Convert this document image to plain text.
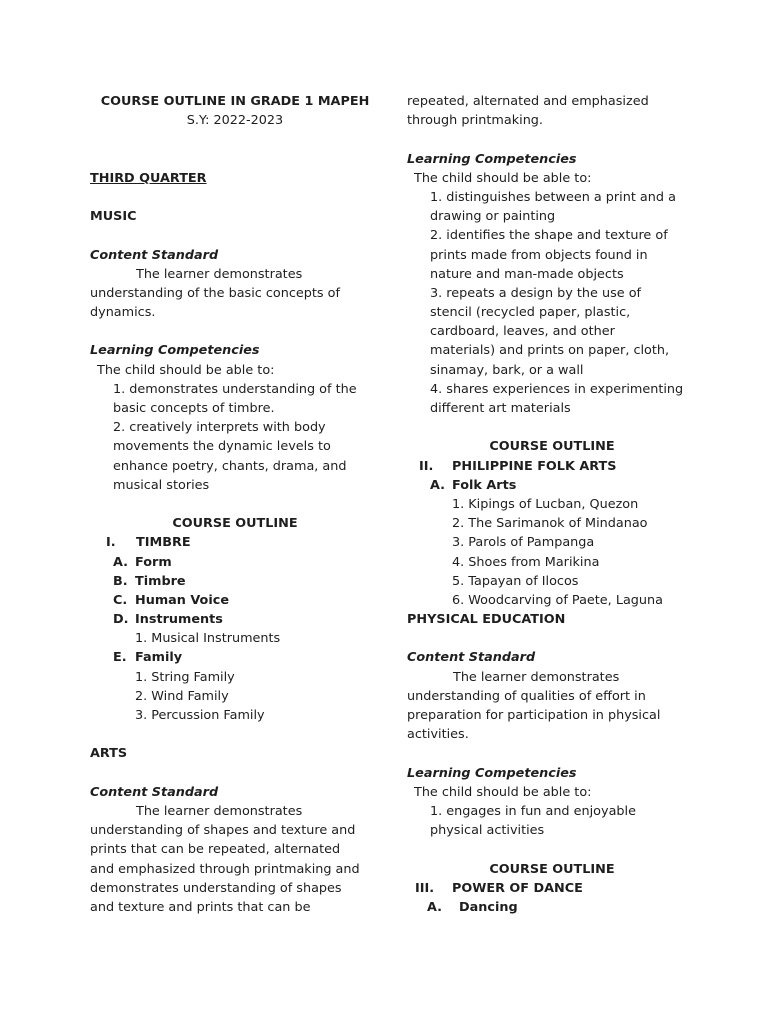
COURSE OUTLINE IN GRADE 1 MAPEH
S.Y: 2022-2023
THIRD QUARTER
MUSIC
Content Standard
The learner demonstrates
understanding of the basic concepts of
dynamics.
Learning Competencies
The child should be able to:
1. demonstrates understanding of the
basic concepts of timbre.
2. creatively interprets with body
movements the dynamic levels to
enhance poetry, chants, drama, and
musical stories
COURSE OUTLINE
I. TIMBRE
A. Form
B. Timbre
C. Human Voice
D. Instruments
1. Musical Instruments
E. Family
1. String Family
2. Wind Family
3. Percussion Family
ARTS
Content Standard
The learner demonstrates
understanding of shapes and texture and
prints that can be repeated, alternated
and emphasized through printmaking and
demonstrates understanding of shapes
and texture and prints that can be
repeated, alternated and emphasized
through printmaking.
Learning Competencies
The child should be able to:
1. distinguishes between a print and a
drawing or painting
2. identifies the shape and texture of
prints made from objects found in
nature and man-made objects
3. repeats a design by the use of
stencil (recycled paper, plastic,
cardboard, leaves, and other
materials) and prints on paper, cloth,
sinamay, bark, or a wall
4. shares experiences in experimenting
different art materials
COURSE OUTLINE
II. PHILIPPINE FOLK ARTS
A. Folk Arts
1. Kipings of Lucban, Quezon
2. The Sarimanok of Mindanao
3. Parols of Pampanga
4. Shoes from Marikina
5. Tapayan of Ilocos
6. Woodcarving of Paete, Laguna
PHYSICAL EDUCATION
Content Standard
The learner demonstrates
understanding of qualities of effort in
preparation for participation in physical
activities.
Learning Competencies
The child should be able to:
1. engages in fun and enjoyable
physical activities
COURSE OUTLINE
III. POWER OF DANCE
A. Dancing
